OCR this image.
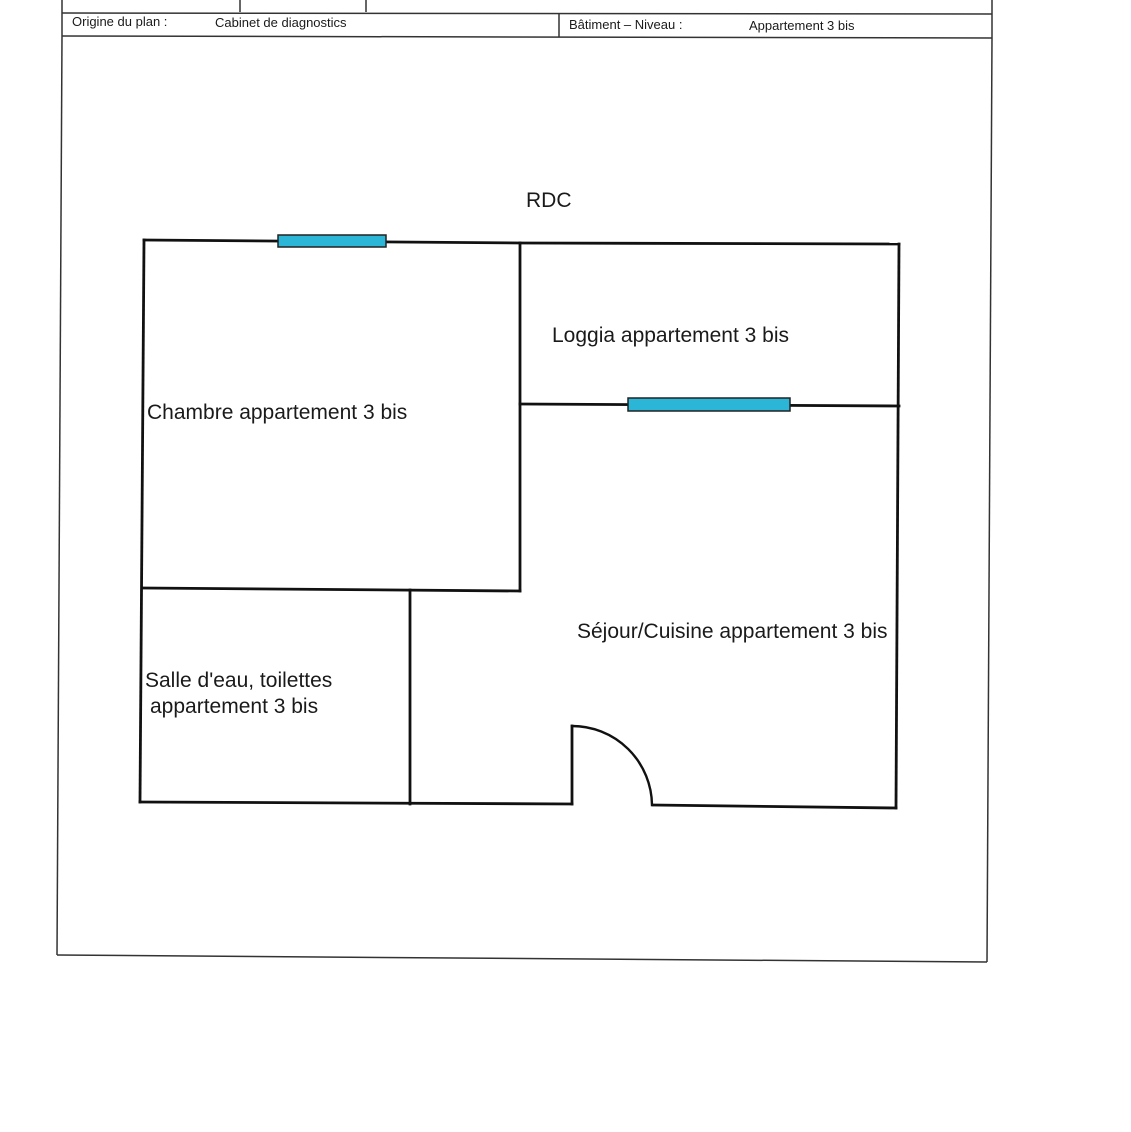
Origine du plan :	Cabinet de diagnostics	Bâtiment – Niveau :	Appartement 3 bis
RDC
Chambre appartement 3 bis
Loggia appartement 3 bis
Séjour/Cuisine appartement 3 bis
Salle d'eau, toilettes
appartement 3 bis
